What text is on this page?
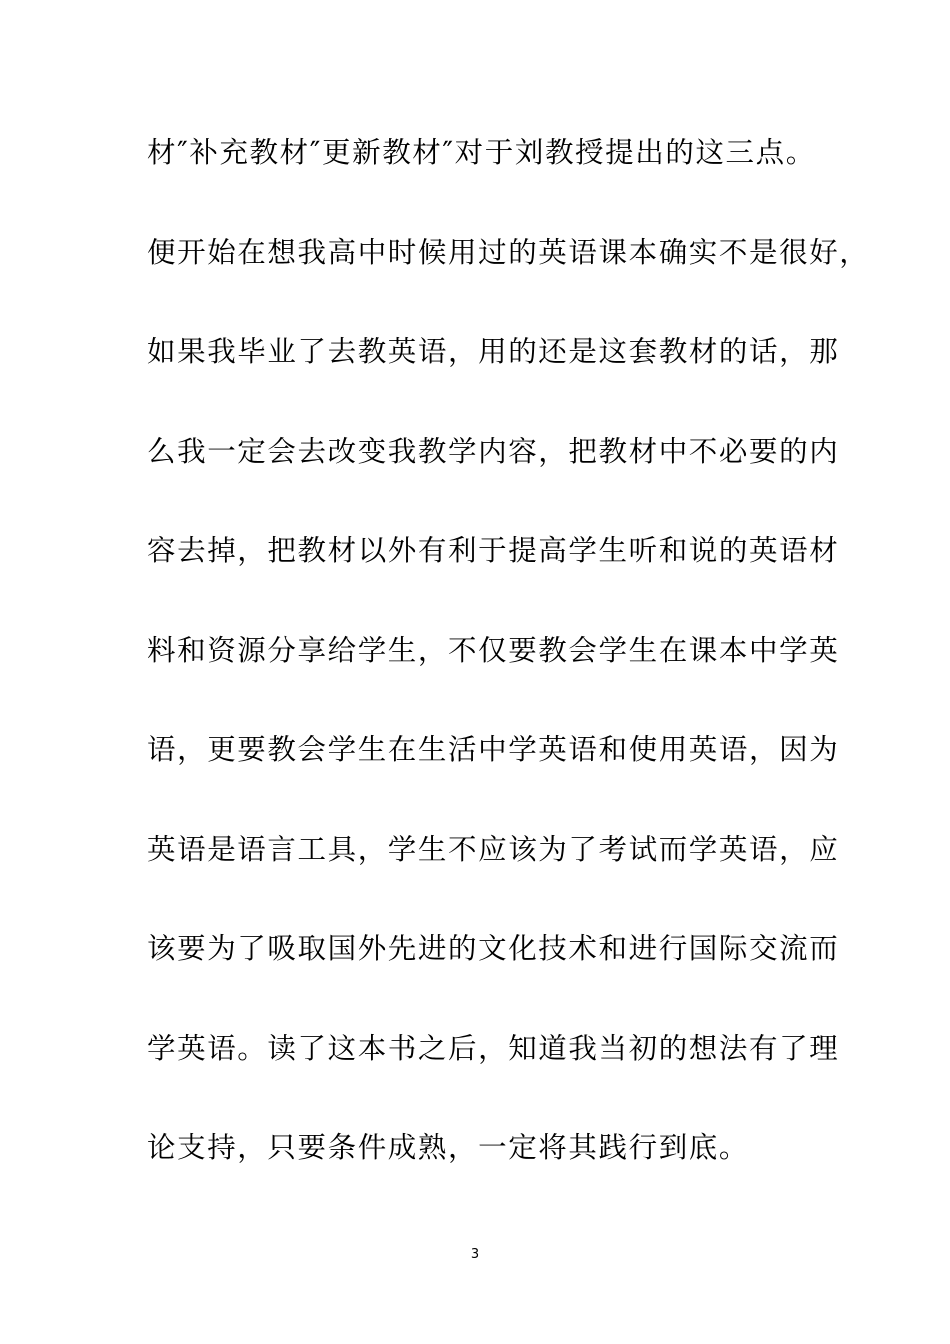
材″补充教材″更新教材″对于刘教授提出的这三点。
便开始在想我高中时候用过的英语课本确实不是很好，
如果我毕业了去教英语，用的还是这套教材的话，那
么我一定会去改变我教学内容，把教材中不必要的内
容去掉，把教材以外有利于提高学生听和说的英语材
料和资源分享给学生，不仅要教会学生在课本中学英
语，更要教会学生在生活中学英语和使用英语，因为
英语是语言工具，学生不应该为了考试而学英语，应
该要为了吸取国外先进的文化技术和进行国际交流而
学英语。读了这本书之后，知道我当初的想法有了理
论支持，只要条件成熟，一定将其践行到底。
3
